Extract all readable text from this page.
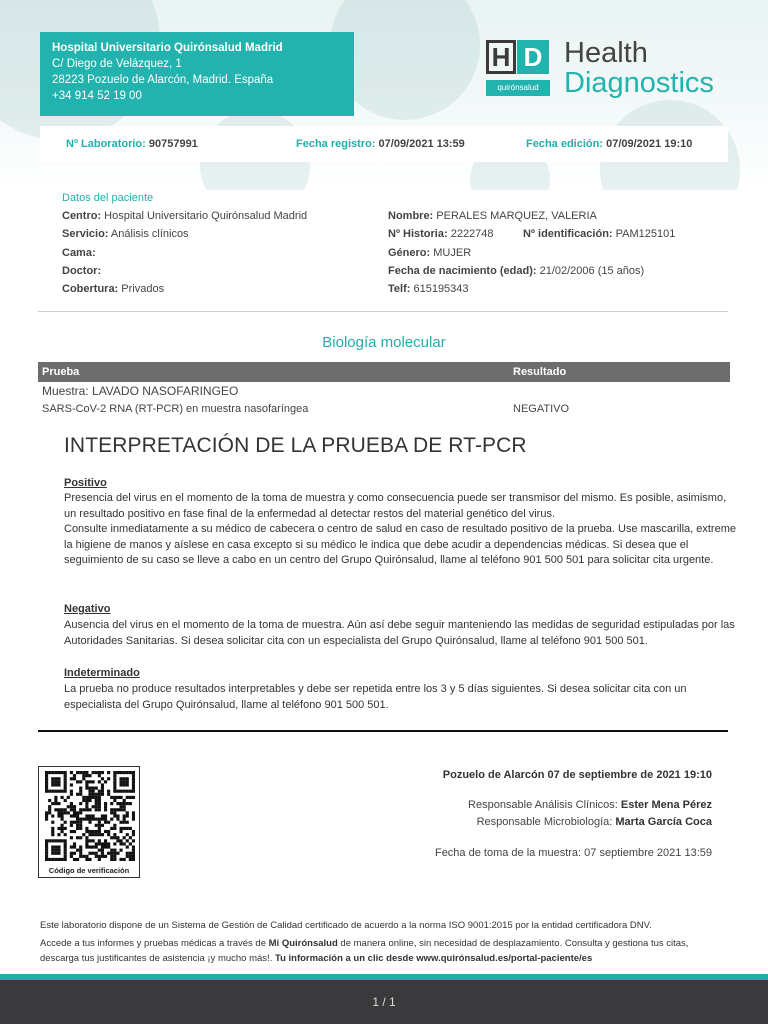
Hospital Universitario Quirónsalud Madrid
C/ Diego de Velázquez, 1
28223 Pozuelo de Alarcón, Madrid. España
+34 914 52 19 00
H D
quirónsalud
Health
Diagnostics
Nº Laboratorio: 90757991	Fecha registro: 07/09/2021 13:59	Fecha edición: 07/09/2021 19:10
Datos del paciente
Centro: Hospital Universitario Quirónsalud Madrid
Servicio: Análisis clínicos
Cama:
Doctor:
Cobertura: Privados
Nombre: PERALES MARQUEZ, VALERIA
Nº Historia: 2222748	Nº identificación: PAM125101
Género: MUJER
Fecha de nacimiento (edad): 21/02/2006 (15 años)
Telf: 615195343
Biología molecular
Prueba	Resultado
Muestra: LAVADO NASOFARINGEO
SARS-CoV-2 RNA (RT-PCR) en muestra nasofaríngea	NEGATIVO
INTERPRETACIÓN DE LA PRUEBA DE RT-PCR
Positivo

Presencia del virus en el momento de la toma de muestra y como consecuencia puede ser transmisor del mismo. Es posible, asimismo, un resultado positivo en fase final de la enfermedad al detectar restos del material genético del virus.

Consulte inmediatamente a su médico de cabecera o centro de salud en caso de resultado positivo de la prueba. Use mascarilla, extreme la higiene de manos y aíslese en casa excepto si su médico le indica que debe acudir a dependencias médicas. Si desea que el seguimiento de su caso se lleve a cabo en un centro del Grupo Quirónsalud, llame al teléfono 901 500 501 para solicitar cita urgente.

Negativo

Ausencia del virus en el momento de la toma de muestra. Aún así debe seguir manteniendo las medidas de seguridad estipuladas por las Autoridades Sanitarias. Si desea solicitar cita con un especialista del Grupo Quirónsalud, llame al teléfono 901 500 501.

Indeterminado

La prueba no produce resultados interpretables y debe ser repetida entre los 3 y 5 días siguientes. Si desea solicitar cita con un especialista del Grupo Quirónsalud, llame al teléfono 901 500 501.

Código de verificación
Pozuelo de Alarcón 07 de septiembre de 2021 19:10
Responsable Análisis Clínicos: Ester Mena Pérez
Responsable Microbiología: Marta García Coca
Fecha de toma de la muestra: 07 septiembre 2021 13:59

Este laboratorio dispone de un Sistema de Gestión de Calidad certificado de acuerdo a la norma ISO 9001:2015 por la entidad certificadora DNV.

Accede a tus informes y pruebas médicas a través de Mi Quirónsalud de manera online, sin necesidad de desplazamiento. Consulta y gestiona tus citas, descarga tus justificantes de asistencia ¡y mucho más!. Tu información a un clic desde www.quirónsalud.es/portal-paciente/es

1 / 1
